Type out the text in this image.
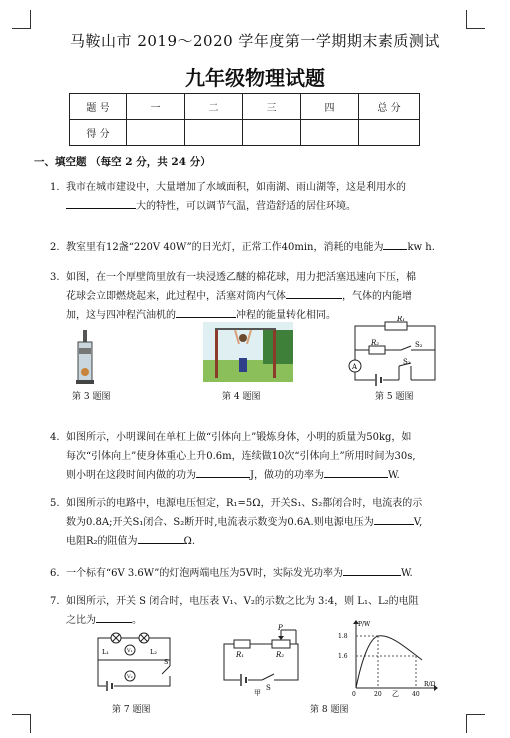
马鞍山市 2019～2020 学年度第一学期期末素质测试
九年级物理试题
题 号	一	二	三	四	总 分
得 分					
一、填空题 （每空 2 分，共 24 分）
1. 我市在城市建设中，大量增加了水域面积，如南湖、雨山湖等，这是利用水的
大的特性，可以调节气温，营造舒适的居住环境。
2. 教室里有12盏“220V 40W”的日光灯，正常工作40min，消耗的电能为 kw h.
3. 如图，在一个厚壁筒里放有一块浸透乙醚的棉花球，用力把活塞迅速向下压，棉
花球会立即燃烧起来，此过程中，活塞对筒内气体	，气体的内能增
加，这与四冲程汽油机的	冲程的能量转化相同。
第 3 题图	第 4 题图
R₁
R₂	S₂
S₁
A
第 5 题图
4. 如图所示，小明课间在单杠上做“引体向上”锻炼身体，小明的质量为50kg，如
每次“引体向上”使身体重心上升0.6m，连续做10次“引体向上”所用时间为30s,
则小明在这段时间内做的功为	J，做功的功率为	W.
5. 如图所示的电路中，电源电压恒定，R₁=5Ω，开关S₁、S₂都闭合时，电流表的示
数为0.8A;开关S₁闭合、S₂断开时,电流表示数变为0.6A.则电源电压为	V,
电阻R₂的阻值为	Ω.
6. 一个标有“6V 3.6W”的灯泡两端电压为5V时，实际发光功率为	W.
7. 如图所示，开关 S 闭合时，电压表 V₁、V₂的示数之比为 3:4，则 L₁、L₂的电阻
之比为	。
L₁	L₂
V₁
V₂
S
第 7 题图
P
R₁	R₂
S
甲
P/W
1.8
1.6
0	20	40
R/Ω
乙
第 8 题图
